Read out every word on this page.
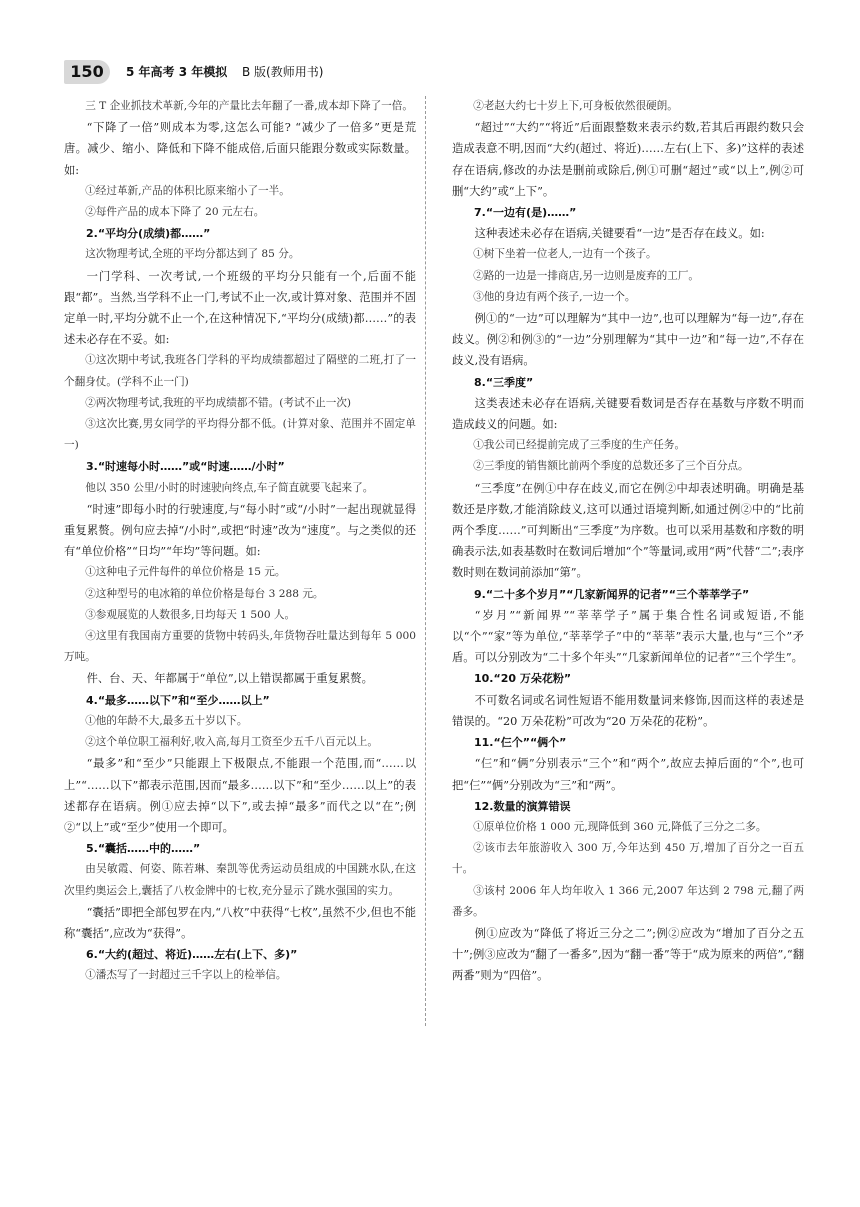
150	5 年高考 3 年模拟 B 版(教师用书)

三 T 企业抓技术革新,今年的产量比去年翻了一番,成本却下降了一倍。

“下降了一倍”则成本为零,这怎么可能? “减少了一倍多”更是荒唐。减少、缩小、降低和下降不能成倍,后面只能跟分数或实际数量。如:

①经过革新,产品的体积比原来缩小了一半。

②每件产品的成本下降了 20 元左右。

2.“平均分(成绩)都……”

这次物理考试,全班的平均分都达到了 85 分。

一门学科、一次考试,一个班级的平均分只能有一个,后面不能跟“都”。当然,当学科不止一门,考试不止一次,或计算对象、范围并不固定单一时,平均分就不止一个,在这种情况下,“平均分(成绩)都……”的表述未必存在不妥。如:

①这次期中考试,我班各门学科的平均成绩都超过了隔壁的二班,打了一个翻身仗。(学科不止一门)

②两次物理考试,我班的平均成绩都不错。(考试不止一次)

③这次比赛,男女同学的平均得分都不低。(计算对象、范围并不固定单一)

3.“时速每小时……”或“时速……/小时”

他以 350 公里/小时的时速驶向终点,车子简直就要飞起来了。

“时速”即每小时的行驶速度,与“每小时”或“/小时”一起出现就显得重复累赘。例句应去掉“/小时”,或把“时速”改为“速度”。与之类似的还有“单位价格”“日均”“年均”等问题。如:

①这种电子元件每件的单位价格是 15 元。

②这种型号的电冰箱的单位价格是每台 3 288 元。

③参观展览的人数很多,日均每天 1 500 人。

④这里有我国南方重要的货物中转码头,年货物吞吐量达到每年 5 000 万吨。

件、台、天、年都属于“单位”,以上错误都属于重复累赘。

4.“最多……以下”和“至少……以上”

①他的年龄不大,最多五十岁以下。

②这个单位职工福利好,收入高,每月工资至少五千八百元以上。

“最多”和“至少”只能跟上下极限点,不能跟一个范围,而“……以上”“……以下”都表示范围,因而“最多……以下”和“至少……以上”的表述都存在语病。例①应去掉“以下”,或去掉“最多”而代之以“在”;例②“以上”或“至少”使用一个即可。

5.“囊括……中的……”

由吴敏霞、何姿、陈若琳、秦凯等优秀运动员组成的中国跳水队,在这次里约奥运会上,囊括了八枚金牌中的七枚,充分显示了跳水强国的实力。

“囊括”即把全部包罗在内,“八枚”中获得“七枚”,虽然不少,但也不能称“囊括”,应改为“获得”。

6.“大约(超过、将近)……左右(上下、多)”

①潘杰写了一封超过三千字以上的检举信。

②老赵大约七十岁上下,可身板依然很硬朗。

“超过”“大约”“将近”后面跟整数来表示约数,若其后再跟约数只会造成表意不明,因而“大约(超过、将近)……左右(上下、多)”这样的表述存在语病,修改的办法是删前或除后,例①可删“超过”或“以上”,例②可删“大约”或“上下”。

7.“一边有(是)……”

这种表述未必存在语病,关键要看“一边”是否存在歧义。如:

①树下坐着一位老人,一边有一个孩子。

②路的一边是一排商店,另一边则是废弃的工厂。

③他的身边有两个孩子,一边一个。

例①的“一边”可以理解为“其中一边”,也可以理解为“每一边”,存在歧义。例②和例③的“一边”分别理解为“其中一边”和“每一边”,不存在歧义,没有语病。

8.“三季度”

这类表述未必存在语病,关键要看数词是否存在基数与序数不明而造成歧义的问题。如:

①我公司已经提前完成了三季度的生产任务。

②三季度的销售额比前两个季度的总数还多了三个百分点。

“三季度”在例①中存在歧义,而它在例②中却表述明确。明确是基数还是序数,才能消除歧义,这可以通过语境判断,如通过例②中的“比前两个季度……”可判断出“三季度”为序数。也可以采用基数和序数的明确表示法,如表基数时在数词后增加“个”等量词,或用“两”代替“二”;表序数时则在数词前添加“第”。

9.“二十多个岁月”“几家新闻界的记者”“三个莘莘学子”

“岁月”“新闻界”“莘莘学子”属于集合性名词或短语,不能以“个”“家”等为单位,“莘莘学子”中的“莘莘”表示大量,也与“三个”矛盾。可以分别改为“二十多个年头”“几家新闻单位的记者”“三个学生”。

10.“20 万朵花粉”

不可数名词或名词性短语不能用数量词来修饰,因而这样的表述是错误的。“20 万朵花粉”可改为“20 万朵花的花粉”。

11.“仨个”“俩个”

“仨”和“俩”分别表示“三个”和“两个”,故应去掉后面的“个”,也可把“仨”“俩”分别改为“三”和“两”。

12.数量的演算错误

①原单位价格 1 000 元,现降低到 360 元,降低了三分之二多。

②该市去年旅游收入 300 万,今年达到 450 万,增加了百分之一百五十。

③该村 2006 年人均年收入 1 366 元,2007 年达到 2 798 元,翻了两番多。

例①应改为“降低了将近三分之二”;例②应改为“增加了百分之五十”;例③应改为“翻了一番多”,因为“翻一番”等于“成为原来的两倍”,“翻两番”则为“四倍”。
